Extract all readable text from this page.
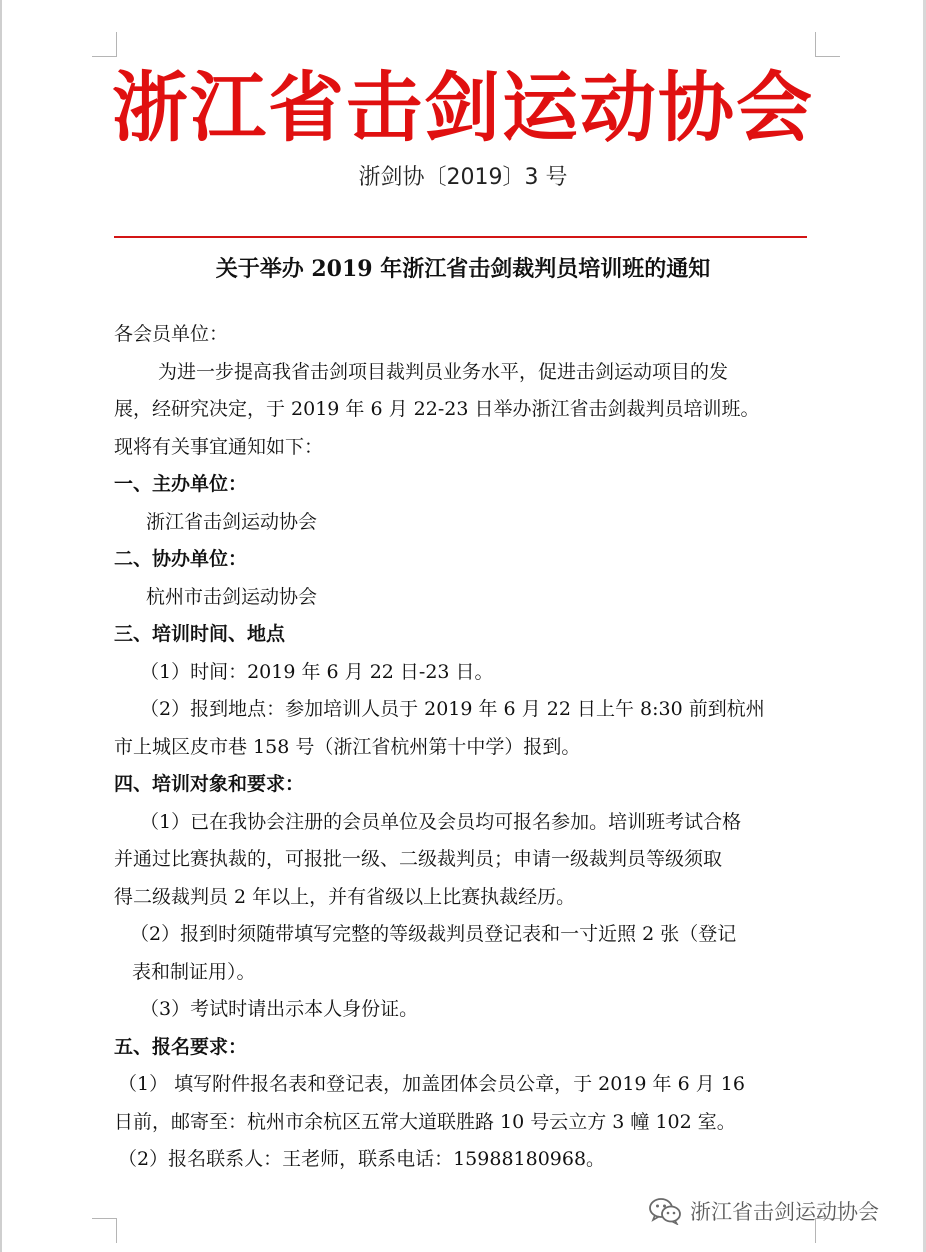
浙江省击剑运动协会
浙剑协〔2019〕3 号
关于举办 2019 年浙江省击剑裁判员培训班的通知
各会员单位：
为进一步提高我省击剑项目裁判员业务水平，促进击剑运动项目的发
展，经研究决定，于 2019 年 6 月 22-23 日举办浙江省击剑裁判员培训班。
现将有关事宜通知如下：
一、主办单位：
浙江省击剑运动协会
二、协办单位：
杭州市击剑运动协会
三、培训时间、地点
（1）时间：2019 年 6 月 22 日-23 日。
（2）报到地点：参加培训人员于 2019 年 6 月 22 日上午 8:30 前到杭州
市上城区皮市巷 158 号（浙江省杭州第十中学）报到。
四、培训对象和要求：
（1）已在我协会注册的会员单位及会员均可报名参加。培训班考试合格
并通过比赛执裁的，可报批一级、二级裁判员；申请一级裁判员等级须取
得二级裁判员 2 年以上，并有省级以上比赛执裁经历。
（2）报到时须随带填写完整的等级裁判员登记表和一寸近照 2 张（登记
表和制证用）。
（3）考试时请出示本人身份证。
五、报名要求：
（1） 填写附件报名表和登记表，加盖团体会员公章，于 2019 年 6 月 16
日前，邮寄至：杭州市余杭区五常大道联胜路 10 号云立方 3 幢 102 室。
（2）报名联系人：王老师，联系电话：15988180968。
浙江省击剑运动协会
